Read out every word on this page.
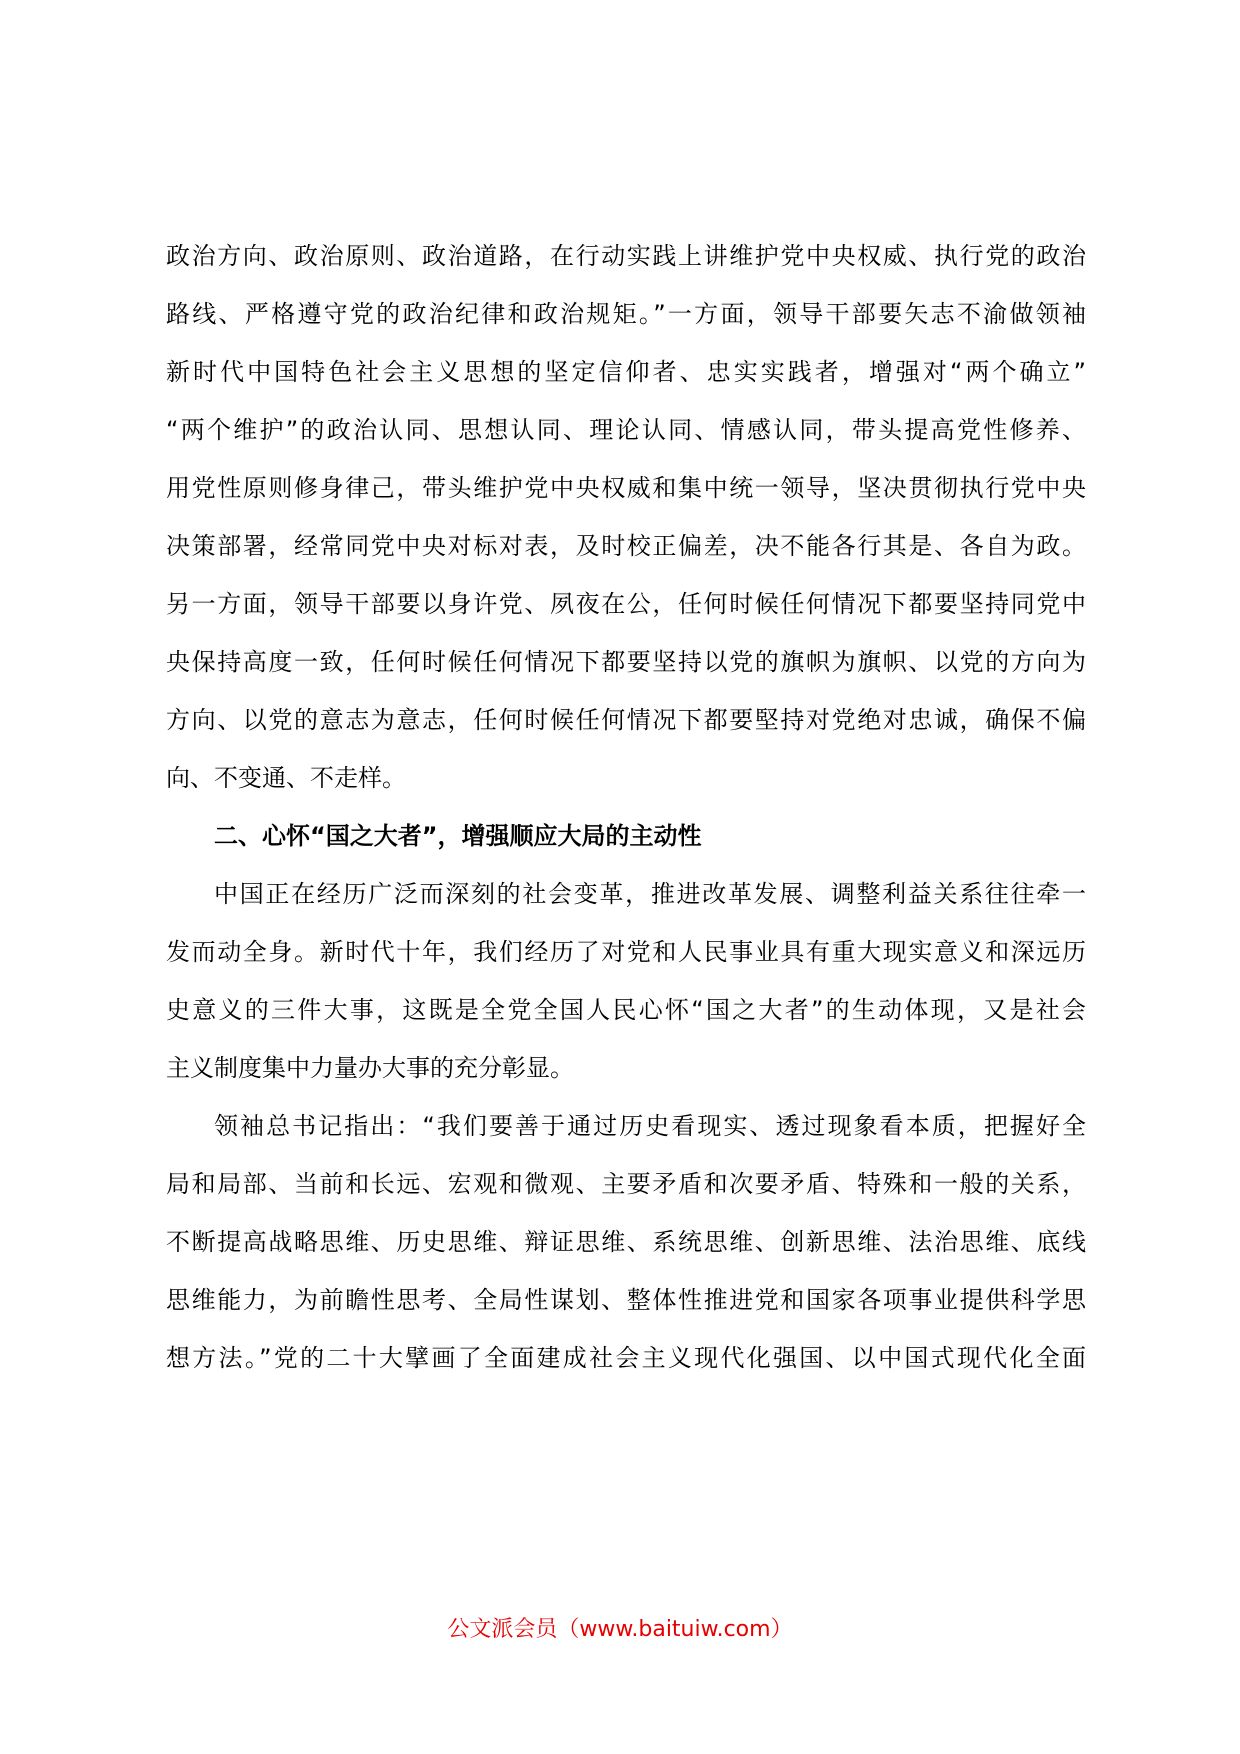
政治方向、政治原则、政治道路，在行动实践上讲维护党中央权威、执行党的政治
路线、严格遵守党的政治纪律和政治规矩。”一方面，领导干部要矢志不渝做领袖
新时代中国特色社会主义思想的坚定信仰者、忠实实践者，增强对“两个确立”
“两个维护”的政治认同、思想认同、理论认同、情感认同，带头提高党性修养、
用党性原则修身律己，带头维护党中央权威和集中统一领导，坚决贯彻执行党中央
决策部署，经常同党中央对标对表，及时校正偏差，决不能各行其是、各自为政。
另一方面，领导干部要以身许党、夙夜在公，任何时候任何情况下都要坚持同党中
央保持高度一致，任何时候任何情况下都要坚持以党的旗帜为旗帜、以党的方向为
方向、以党的意志为意志，任何时候任何情况下都要堅持对党绝对忠诚，确保不偏
向、不变通、不走样。
二、心怀“国之大者”，增强顺应大局的主动性
中国正在经历广泛而深刻的社会变革，推进改革发展、调整利益关系往往牵一
发而动全身。新时代十年，我们经历了对党和人民事业具有重大现实意义和深远历
史意义的三件大事，这既是全党全国人民心怀“国之大者”的生动体现，又是社会
主义制度集中力量办大事的充分彰显。
领袖总书记指出：“我们要善于通过历史看现实、透过现象看本质，把握好全
局和局部、当前和长远、宏观和微观、主要矛盾和次要矛盾、特殊和一般的关系，
不断提高战略思维、历史思维、辩证思维、系统思维、创新思维、法治思维、底线
思维能力，为前瞻性思考、全局性谋划、整体性推进党和国家各项事业提供科学思
想方法。”党的二十大擘画了全面建成社会主义现代化强国、以中国式现代化全面
公文派会员（www.baituiw.com）
